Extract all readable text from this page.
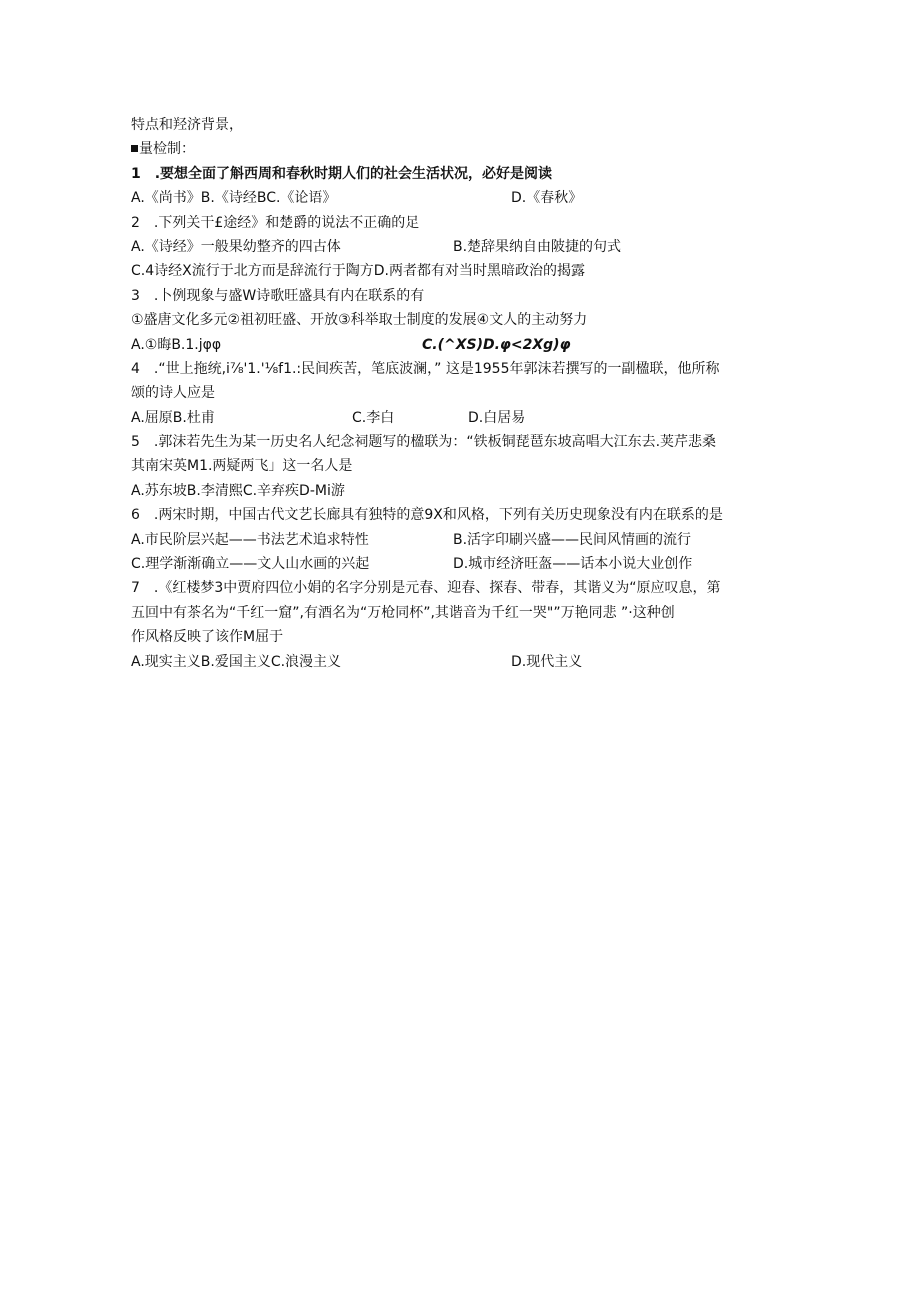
特点和羟济背景，
量检制：
1　.要想全面了斛西周和春秋时期人们的社会生活状况，必好是阅读
A.《尚书》B.《诗经BC.《论语》	D.《春秋》
2　.下列关干£途经》和楚爵的说法不正确的足
A.《诗经》一般果幼整齐的四古体	B.楚辞果纳自由陂捷的句式
C.4诗经X流行于北方而是辞流行于陶方D.两者都有对当时黑暗政治的揭露
3　.卜例现象与盛W诗歌旺盛具有内在联系的有
①盛唐文化多元②祖初旺盛、开放③科举取士制度的发展④文人的主动努力
A.①晦B.1.jφφ	C.(^XS)D.φ<2Xg)φ
4　.“世上拖统,i⅞'1.'⅛f1.:民间疾苦，笔底波澜，” 这是1955年郭沫若撰写的一副楹联，他所称
颂的诗人应是
A.屈原B.杜甫	C.李白	D.白居易
5　.郭沫若先生为某一历史名人纪念祠题写的楹联为：“铁板铜琵琶东坡高唱大江东去.荚芹悲桑
其南宋英M1.两疑两飞」这一名人是
A.苏东坡B.李清熙C.辛弃疾D-Mi游
6　.两宋时期，中国古代文艺长廊具有独特的意9X和风格，下列有关历史现象没有内在联系的是
A.市民阶层兴起——书法艺术追求特性	B.活字印刷兴盛——民间风情画的流行
C.理学渐渐确立——文人山水画的兴起	D.城市经济旺盔——话本小说大业创作
7　.《红楼梦3中贾府四位小娟的名字分别是元春、迎春、探春、带春，其谐义为“原应叹息，第
五回中有茶名为“千红一窟”,有酒名为“万枪同杯”,其谐音为千红一哭"”万艳同悲 ”·这种创
作风格反映了该作M屈于
A.现实主义B.爱国主义C.浪漫主义	D.现代主义
